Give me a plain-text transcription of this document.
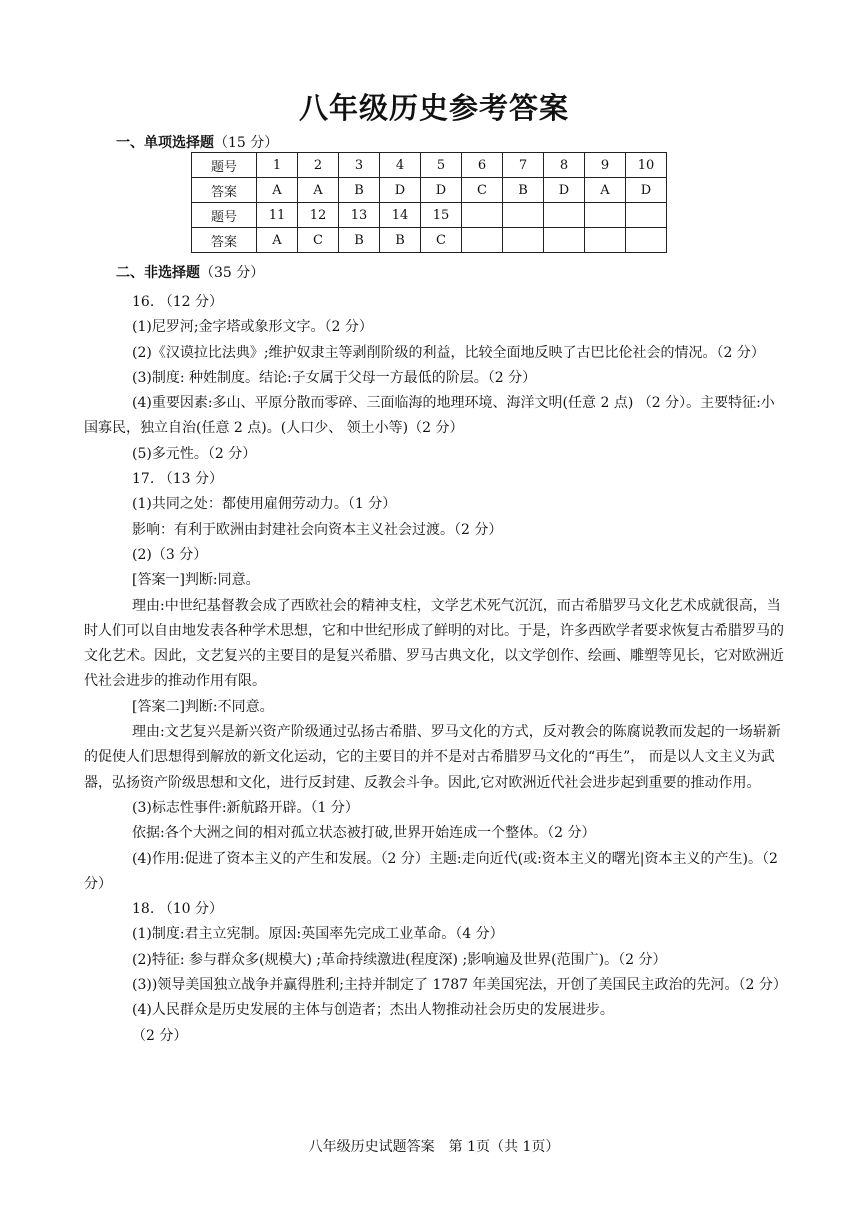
八年级历史参考答案
一、单项选择题（15 分）
题号	1	2	3	4	5	6	7	8	9	10
答案	A	A	B	D	D	C	B	D	A	D
题号	11	12	13	14	15					
答案	A	C	B	B	C					
二、非选择题（35 分）

16. （12 分）

(1)尼罗河;金字塔或象形文字。（2 分）

(2)《汉谟拉比法典》;维护奴隶主等剥削阶级的利益，比较全面地反映了古巴比伦社会的情况。（2 分）

(3)制度: 种姓制度。结论:子女属于父母一方最低的阶层。（2 分）

(4)重要因素:多山、平原分散而零碎、三面临海的地理环境、海洋文明(任意 2 点) （2 分）。主要特征:小国寡民，独立自治(任意 2 点)。(人口少、 领土小等)（2 分）

(5)多元性。（2 分）

17. （13 分）

(1)共同之处：都使用雇佣劳动力。（1 分）

影响：有利于欧洲由封建社会向资本主义社会过渡。（2 分）

(2)（3 分）

[答案一]判断:同意。

理由:中世纪基督教会成了西欧社会的精神支柱，文学艺术死气沉沉，而古希腊罗马文化艺术成就很高，当时人们可以自由地发表各种学术思想，它和中世纪形成了鲜明的对比。于是，许多西欧学者要求恢复古希腊罗马的文化艺术。因此，文艺复兴的主要目的是复兴希腊、罗马古典文化，以文学创作、绘画、雕塑等见长，它对欧洲近代社会进步的推动作用有限。

[答案二]判断:不同意。

理由:文艺复兴是新兴资产阶级通过弘扬古希腊、罗马文化的方式，反对教会的陈腐说教而发起的一场崭新的促使人们思想得到解放的新文化运动，它的主要目的并不是对古希腊罗马文化的“再生”， 而是以人文主义为武器，弘扬资产阶级思想和文化，进行反封建、反教会斗争。因此,它对欧洲近代社会进步起到重要的推动作用。

(3)标志性事件:新航路开辟。（1 分）

依据:各个大洲之间的相对孤立状态被打破,世界开始连成一个整体。（2 分）

(4)作用:促进了资本主义的产生和发展。（2 分）主题:走向近代(或:资本主义的曙光|资本主义的产生)。（2 分）

18. （10 分）

(1)制度:君主立宪制。原因:英国率先完成工业革命。（4 分）

(2)特征: 参与群众多(规模大) ;革命持续激进(程度深) ;影响遍及世界(范围广)。（2 分）

(3))领导美国独立战争并赢得胜利;主持并制定了 1787 年美国宪法，开创了美国民主政治的先河。（2 分）

(4)人民群众是历史发展的主体与创造者；杰出人物推动社会历史的发展进步。

（2 分）

八年级历史试题答案　第 1页（共 1页）
